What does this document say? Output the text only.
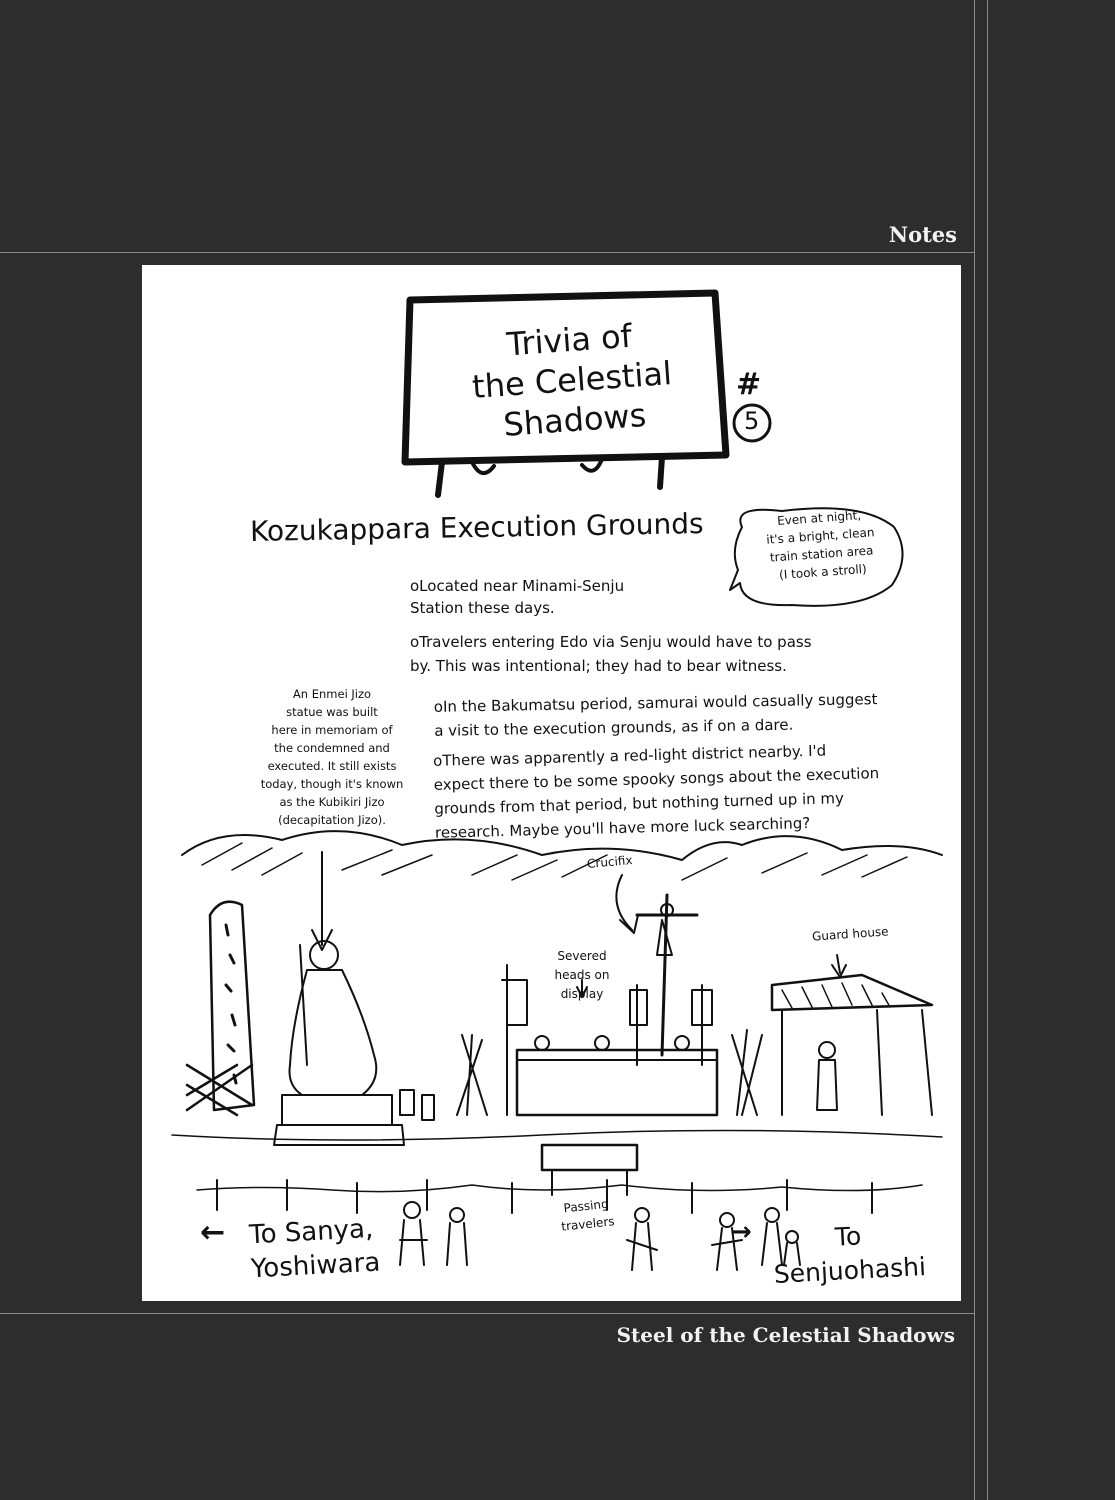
Notes
Steel of the Celestial Shadows
Trivia of
the Celestial
Shadows
#
5
Kozukappara Execution Grounds	Even at night,
it's a bright, clean
train station area
(I took a stroll)
oLocated near Minami-Senju
Station these days.
oTravelers entering Edo via Senju would have to pass
by. This was intentional; they had to bear witness.
oIn the Bakumatsu period, samurai would casually suggest
a visit to the execution grounds, as if on a dare.
oThere was apparently a red-light district nearby. I'd
expect there to be some spooky songs about the execution
grounds from that period, but nothing turned up in my
research. Maybe you'll have more luck searching?
An Enmei Jizo
statue was built
here in memoriam of
the condemned and
executed. It still exists
today, though it's known
as the Kubikiri Jizo
(decapitation Jizo).
Crucifix
Severed
heads on
display
Guard house
Passing
travelers
← To Sanya,
Yoshiwara
→	To
Senjuohashi
